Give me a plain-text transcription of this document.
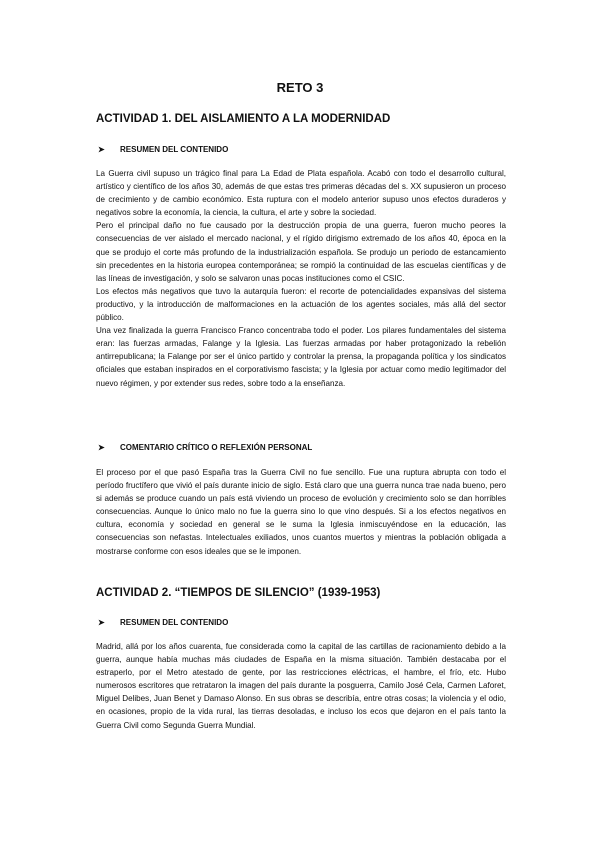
RETO 3
ACTIVIDAD 1. DEL AISLAMIENTO A LA MODERNIDAD
➤	RESUMEN DEL CONTENIDO

La Guerra civil supuso un trágico final para La Edad de Plata española. Acabó con todo el desarrollo cultural, artístico y científico de los años 30, además de que estas tres primeras décadas del s. XX supusieron un proceso de crecimiento y de cambio económico. Esta ruptura con el modelo anterior supuso unos efectos duraderos y negativos sobre la economía, la ciencia, la cultura, el arte y sobre la sociedad.

Pero el principal daño no fue causado por la destrucción propia de una guerra, fueron mucho peores la consecuencias de ver aislado el mercado nacional, y el rígido dirigismo extremado de los años 40, época en la que se produjo el corte más profundo de la industrialización española. Se produjo un periodo de estancamiento sin precedentes en la historia europea contemporánea; se rompió la continuidad de las escuelas científicas y de las líneas de investigación, y solo se salvaron unas pocas instituciones como el CSIC.

Los efectos más negativos que tuvo la autarquía fueron: el recorte de potencialidades expansivas del sistema productivo, y la introducción de malformaciones en la actuación de los agentes sociales, más allá del sector público.

Una vez finalizada la guerra Francisco Franco concentraba todo el poder. Los pilares fundamentales del sistema eran: las fuerzas armadas, Falange y la Iglesia. Las fuerzas armadas por haber protagonizado la rebelión antirrepublicana; la Falange por ser el único partido y controlar la prensa, la propaganda política y los sindicatos oficiales que estaban inspirados en el corporativismo fascista; y la Iglesia por actuar como medio legitimador del nuevo régimen, y por extender sus redes, sobre todo a la enseñanza.

➤	COMENTARIO CRÍTICO O REFLEXIÓN PERSONAL

El proceso por el que pasó España tras la Guerra Civil no fue sencillo. Fue una ruptura abrupta con todo el período fructífero que vivió el país durante inicio de siglo. Está claro que una guerra nunca trae nada bueno, pero si además se produce cuando un país está viviendo un proceso de evolución y crecimiento solo se dan horribles consecuencias. Aunque lo único malo no fue la guerra sino lo que vino después. Si a los efectos negativos en cultura, economía y sociedad en general se le suma la Iglesia inmiscuyéndose en la educación, las consecuencias son nefastas. Intelectuales exiliados, unos cuantos muertos y mientras la población obligada a mostrarse conforme con esos ideales que se le imponen.

ACTIVIDAD 2. “TIEMPOS DE SILENCIO” (1939-1953)
➤	RESUMEN DEL CONTENIDO

Madrid, allá por los años cuarenta, fue considerada como la capital de las cartillas de racionamiento debido a la guerra, aunque había muchas más ciudades de España en la misma situación. También destacaba por el estraperlo, por el Metro atestado de gente, por las restricciones eléctricas, el hambre, el frío, etc. Hubo numerosos escritores que retrataron la imagen del país durante la posguerra, Camilo José Cela, Carmen Laforet, Miguel Delibes, Juan Benet y Damaso Alonso. En sus obras se describía, entre otras cosas; la violencia y el odio, en ocasiones, propio de la vida rural, las tierras desoladas, e incluso los ecos que dejaron en el país tanto la Guerra Civil como Segunda Guerra Mundial.
